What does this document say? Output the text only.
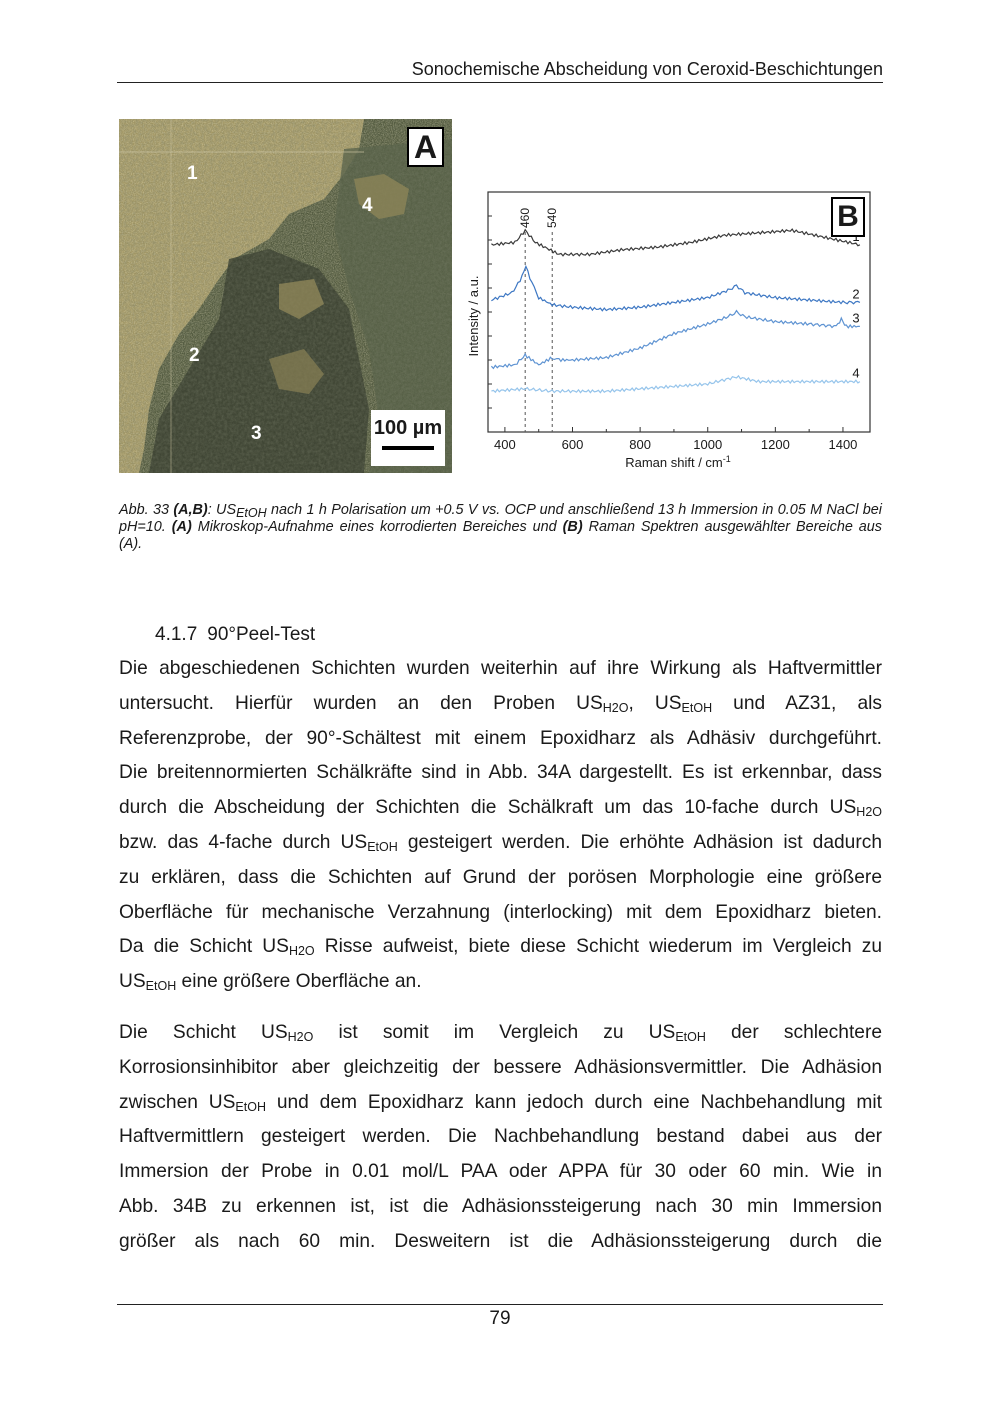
Sonochemische Abscheidung von Ceroxid-Beschichtungen
A
1
2
3
4
100 µm
400	600	800	1000	1200	1400
460 540
2
3
4
Intensity / a.u.
Raman shift / $cm^{-1}$
B

Abb. 33 (A,B): $US_{EtOH}$ nach 1 h Polarisation um +0.5 V vs. OCP und anschließend 13 h Immersion in 0.05 M NaCl bei pH=10. (A) Mikroskop-Aufnahme eines korrodierten Bereiches und (B) Raman Spektren ausgewählter Bereiche aus (A).

4.1.7 90°Peel-Test
Die abgeschiedenen Schichten wurden weiterhin auf ihre Wirkung als Haftvermittler
untersucht. Hierfür wurden an den Proben $US_{H2O}$, $US_{EtOH}$ und AZ31, als
Referenzprobe, der 90°-Schältest mit einem Epoxidharz als Adhäsiv durchgeführt.
Die breitennormierten Schälkräfte sind in Abb. 34A dargestellt. Es ist erkennbar, dass
durch die Abscheidung der Schichten die Schälkraft um das 10-fache durch $US_{H2O}$
bzw. das 4-fache durch $US_{EtOH}$ gesteigert werden. Die erhöhte Adhäsion ist dadurch
zu erklären, dass die Schichten auf Grund der porösen Morphologie eine größere
Oberfläche für mechanische Verzahnung (interlocking) mit dem Epoxidharz bieten.
Da die Schicht $US_{H2O}$ Risse aufweist, biete diese Schicht wiederum im Vergleich zu
$US_{EtOH}$ eine größere Oberfläche an.
Die Schicht $US_{H2O}$ ist somit im Vergleich zu $US_{EtOH}$ der schlechtere
Korrosionsinhibitor aber gleichzeitig der bessere Adhäsionsvermittler. Die Adhäsion
zwischen $US_{EtOH}$ und dem Epoxidharz kann jedoch durch eine Nachbehandlung mit
Haftvermittlern gesteigert werden. Die Nachbehandlung bestand dabei aus der
Immersion der Probe in 0.01 mol/L PAA oder APPA für 30 oder 60 min. Wie in
Abb. 34B zu erkennen ist, ist die Adhäsionssteigerung nach 30 min Immersion
größer als nach 60 min. Desweitern ist die Adhäsionssteigerung durch die
79
